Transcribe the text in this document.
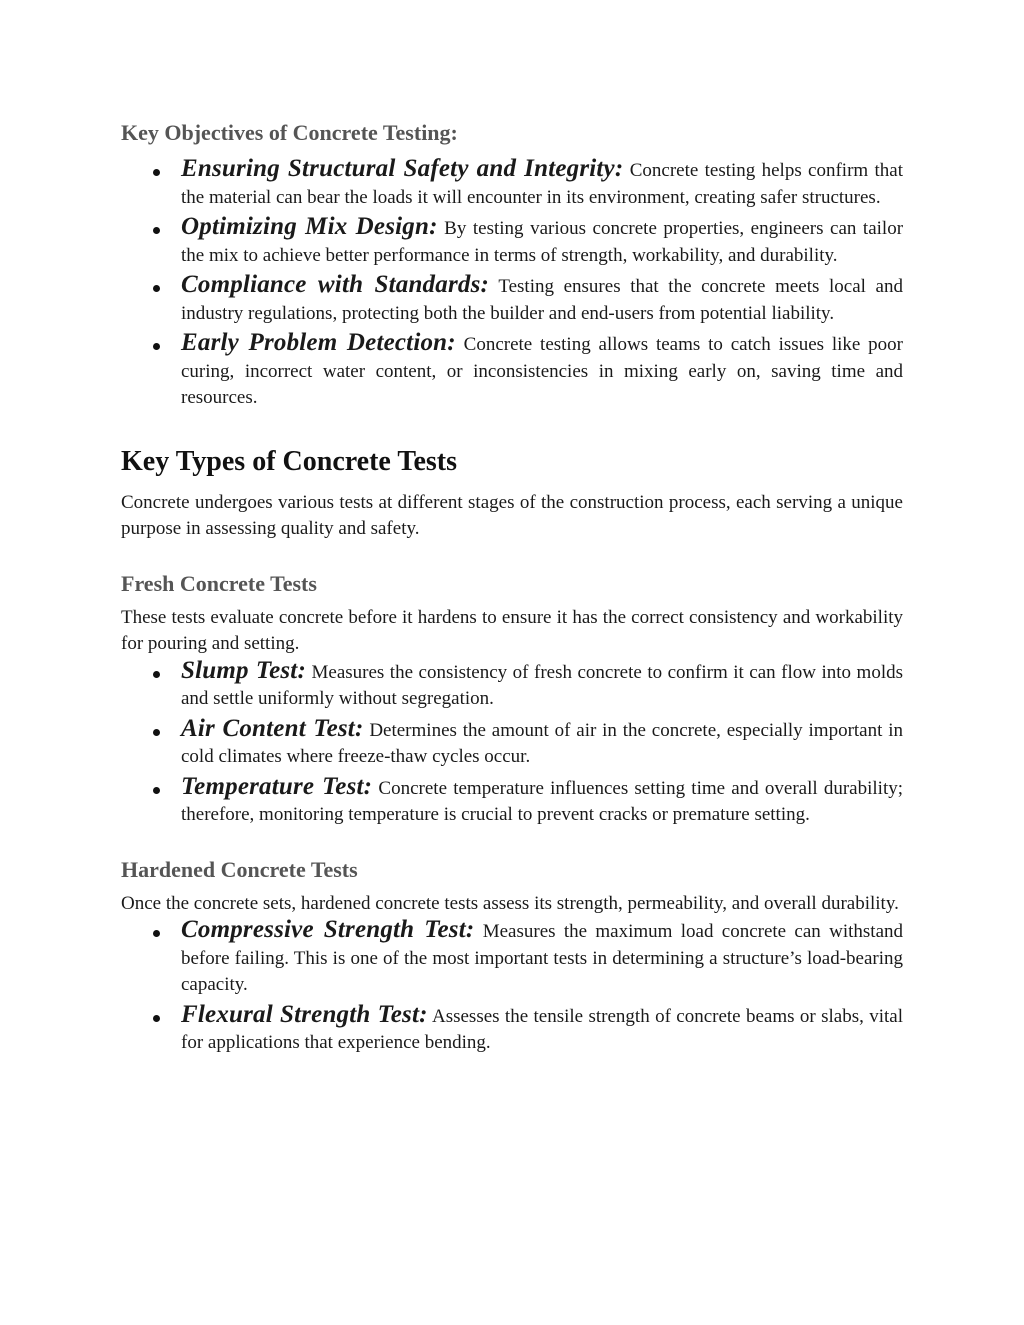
Key Objectives of Concrete Testing:
Ensuring Structural Safety and Integrity: Concrete testing helps confirm that the material can bear the loads it will encounter in its environment, creating safer structures.
Optimizing Mix Design: By testing various concrete properties, engineers can tailor the mix to achieve better performance in terms of strength, workability, and durability.
Compliance with Standards: Testing ensures that the concrete meets local and industry regulations, protecting both the builder and end-users from potential liability.
Early Problem Detection: Concrete testing allows teams to catch issues like poor curing, incorrect water content, or inconsistencies in mixing early on, saving time and resources.
Key Types of Concrete Tests

Concrete undergoes various tests at different stages of the construction process, each serving a unique purpose in assessing quality and safety.

Fresh Concrete Tests

These tests evaluate concrete before it hardens to ensure it has the correct consistency and workability for pouring and setting.

Slump Test: Measures the consistency of fresh concrete to confirm it can flow into molds and settle uniformly without segregation.
Air Content Test: Determines the amount of air in the concrete, especially important in cold climates where freeze-thaw cycles occur.
Temperature Test: Concrete temperature influences setting time and overall durability; therefore, monitoring temperature is crucial to prevent cracks or premature setting.
Hardened Concrete Tests

Once the concrete sets, hardened concrete tests assess its strength, permeability, and overall durability.

Compressive Strength Test: Measures the maximum load concrete can withstand before failing. This is one of the most important tests in determining a structure’s load-bearing capacity.
Flexural Strength Test: Assesses the tensile strength of concrete beams or slabs, vital for applications that experience bending.
